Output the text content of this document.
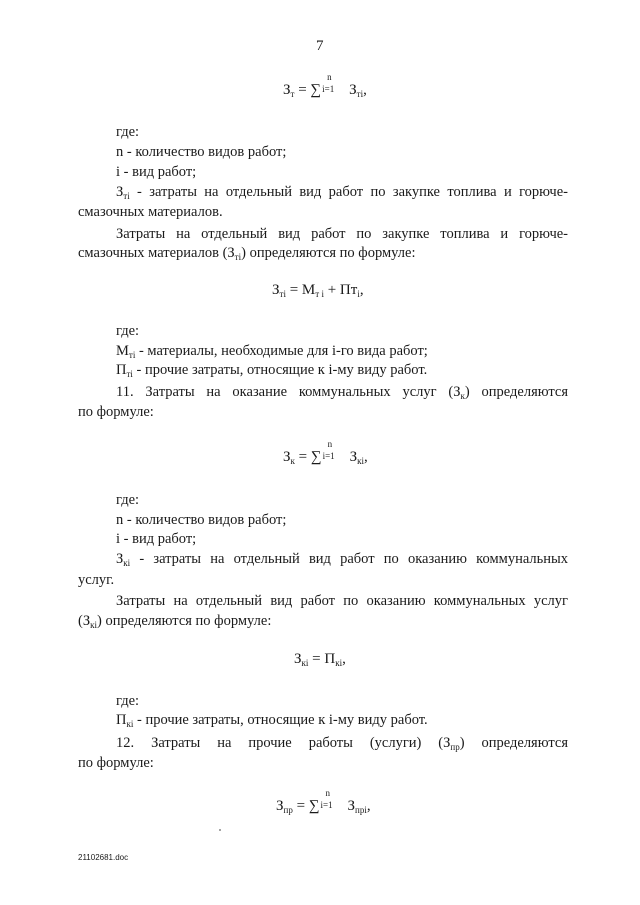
7
$З_т$ = ∑
n
i=1 $З_{тi}$,
где:
n - количество видов работ;
i - вид работ;
$З_{тi}$ - затраты на отдельный вид работ по закупке топлива и горюче-
смазочных материалов.
Затраты на отдельный вид работ по закупке топлива и горюче-
смазочных материалов $(З_{тi})$ определяются по формуле:
$З_{тi} = М_{т i} + Пт_i$,
где:
$М_{тi}$ - материалы, необходимые для i-го вида работ;
$П_{тi}$ - прочие затраты, относящие к i-му виду работ.
11. Затраты на оказание коммунальных услуг $(З_к)$ определяются
по формуле:
$З_к$ = ∑
n
i=1 $З_{кi}$,
где:
n - количество видов работ;
i - вид работ;
$З_{кi}$ - затраты на отдельный вид работ по оказанию коммунальных
услуг.
Затраты на отдельный вид работ по оказанию коммунальных услуг
$(З_{кi})$ определяются по формуле:
$З_{кi} = П_{кi}$,
где:
$П_{кi}$ - прочие затраты, относящие к i-му виду работ.
12. Затраты на прочие работы (услуги) $(З_{пр})$ определяются
по формуле:
$З_{пр}$ = ∑
n
i=1 $З_{прi}$,
21102681.doc
